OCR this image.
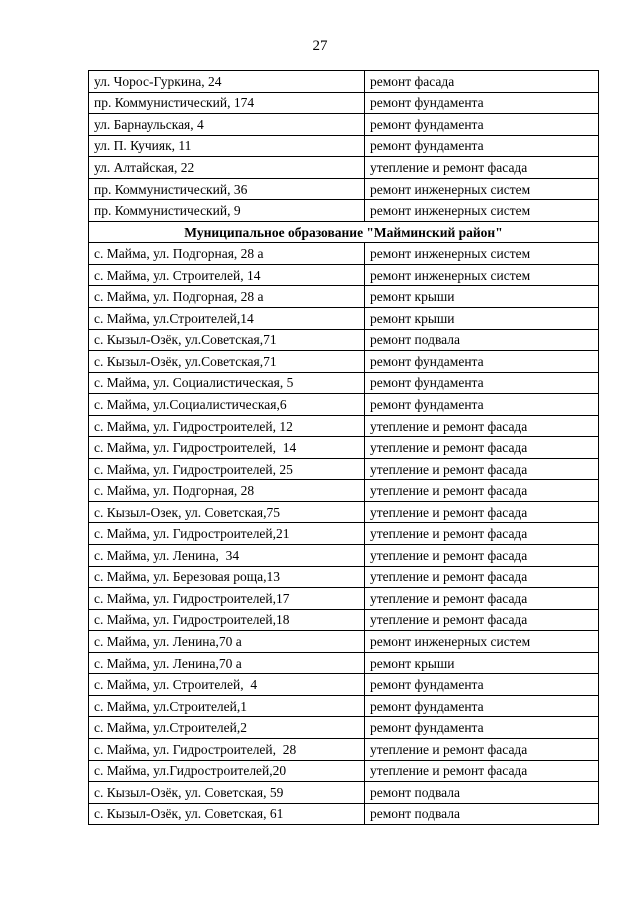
27
ул. Чорос-Гуркина, 24	ремонт фасада
пр. Коммунистический, 174	ремонт фундамента
ул. Барнаульская, 4	ремонт фундамента
ул. П. Кучияк, 11	ремонт фундамента
ул. Алтайская, 22	утепление и ремонт фасада
пр. Коммунистический, 36	ремонт инженерных систем
пр. Коммунистический, 9	ремонт инженерных систем
Муниципальное образование "Майминский район"	
с. Майма, ул. Подгорная, 28 а	ремонт инженерных систем
с. Майма, ул. Строителей, 14	ремонт инженерных систем
с. Майма, ул. Подгорная, 28 а	ремонт крыши
с. Майма, ул.Строителей,14	ремонт крыши
с. Кызыл-Озёк, ул.Советская,71	ремонт подвала
с. Кызыл-Озёк, ул.Советская,71	ремонт фундамента
с. Майма, ул. Социалистическая, 5	ремонт фундамента
с. Майма, ул.Социалистическая,6	ремонт фундамента
с. Майма, ул. Гидростроителей, 12	утепление и ремонт фасада
с. Майма, ул. Гидростроителей,  14	утепление и ремонт фасада
с. Майма, ул. Гидростроителей, 25	утепление и ремонт фасада
с. Майма, ул. Подгорная, 28	утепление и ремонт фасада
с. Кызыл-Озек, ул. Советская,75	утепление и ремонт фасада
с. Майма, ул. Гидростроителей,21	утепление и ремонт фасада
с. Майма, ул. Ленина,  34	утепление и ремонт фасада
с. Майма, ул. Березовая роща,13	утепление и ремонт фасада
с. Майма, ул. Гидростроителей,17	утепление и ремонт фасада
с. Майма, ул. Гидростроителей,18	утепление и ремонт фасада
с. Майма, ул. Ленина,70 а	ремонт инженерных систем
с. Майма, ул. Ленина,70 а	ремонт крыши
с. Майма, ул. Строителей,  4	ремонт фундамента
с. Майма, ул.Строителей,1	ремонт фундамента
с. Майма, ул.Строителей,2	ремонт фундамента
с. Майма, ул. Гидростроителей,  28	утепление и ремонт фасада
с. Майма, ул.Гидростроителей,20	утепление и ремонт фасада
с. Кызыл-Озёк, ул. Советская, 59	ремонт подвала
с. Кызыл-Озёк, ул. Советская, 61	ремонт подвала
